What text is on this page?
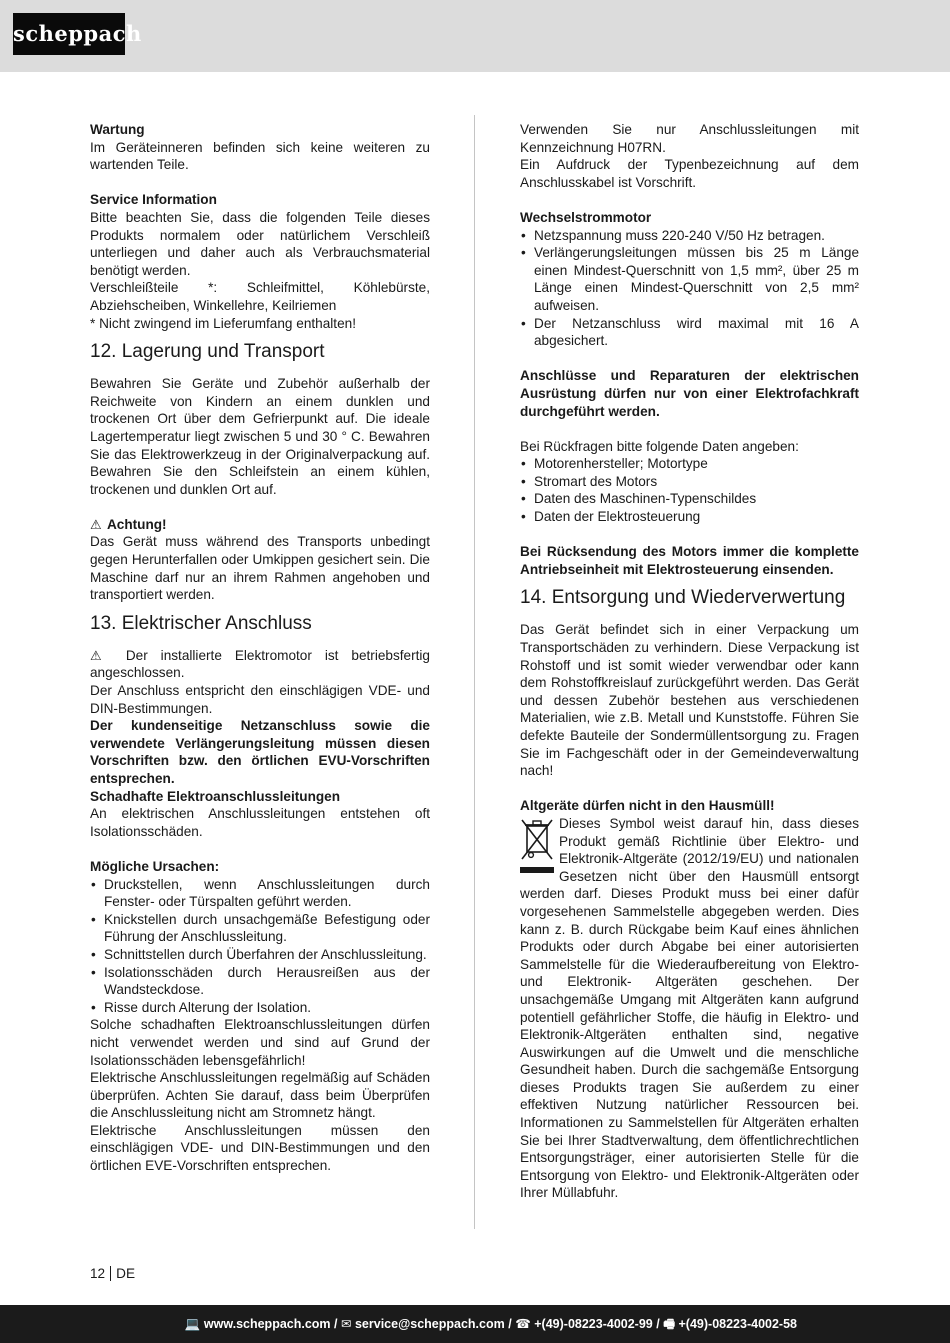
scheppach

Wartung

Im Geräteinneren befinden sich keine weiteren zu wartenden Teile.

Service Information

Bitte beachten Sie, dass die folgenden Teile dieses Produkts normalem oder natürlichem Verschleiß unterliegen und daher auch als Verbrauchsmaterial benötigt werden.

Verschleißteile *: Schleifmittel, Köhlebürste, Abziehscheiben, Winkellehre, Keilriemen

* Nicht zwingend im Lieferumfang enthalten!

12. Lagerung und Transport

Bewahren Sie Geräte und Zubehör außerhalb der Reichweite von Kindern an einem dunklen und trockenen Ort über dem Gefrierpunkt auf. Die ideale Lagertemperatur liegt zwischen 5 und 30 ° C. Bewahren Sie das Elektrowerkzeug in der Originalverpackung auf. Bewahren Sie den Schleifstein an einem kühlen, trockenen und dunklen Ort auf.

⚠ Achtung!

Das Gerät muss während des Transports unbedingt gegen Herunterfallen oder Umkippen gesichert sein. Die Maschine darf nur an ihrem Rahmen angehoben und transportiert werden.

13. Elektrischer Anschluss

⚠ Der installierte Elektromotor ist betriebsfertig angeschlossen.

Der Anschluss entspricht den einschlägigen VDE- und DIN-Bestimmungen.

Der kundenseitige Netzanschluss sowie die verwendete Verlängerungsleitung müssen diesen Vorschriften bzw. den örtlichen EVU-Vorschriften entsprechen.

Schadhafte Elektroanschlussleitungen

An elektrischen Anschlussleitungen entstehen oft Isolationsschäden.

Mögliche Ursachen:

• Druckstellen, wenn Anschlussleitungen durch Fenster- oder Türspalten geführt werden.
• Knickstellen durch unsachgemäße Befestigung oder Führung der Anschlussleitung.
• Schnittstellen durch Überfahren der Anschlussleitung.
• Isolationsschäden durch Herausreißen aus der Wandsteckdose.
• Risse durch Alterung der Isolation.

Solche schadhaften Elektroanschlussleitungen dürfen nicht verwendet werden und sind auf Grund der Isolationsschäden lebensgefährlich!

Elektrische Anschlussleitungen regelmäßig auf Schäden überprüfen. Achten Sie darauf, dass beim Überprüfen die Anschlussleitung nicht am Stromnetz hängt.

Elektrische Anschlussleitungen müssen den einschlägigen VDE- und DIN-Bestimmungen und den örtlichen EVE-Vorschriften entsprechen.

Verwenden Sie nur Anschlussleitungen mit Kennzeichnung H07RN.

Ein Aufdruck der Typenbezeichnung auf dem Anschlusskabel ist Vorschrift.

Wechselstrommotor

• Netzspannung muss 220-240 V/50 Hz betragen.
• Verlängerungsleitungen müssen bis 25 m Länge einen Mindest-Querschnitt von 1,5 mm², über 25 m Länge einen Mindest-Querschnitt von 2,5 mm² aufweisen.
• Der Netzanschluss wird maximal mit 16 A abgesichert.

Anschlüsse und Reparaturen der elektrischen Ausrüstung dürfen nur von einer Elektrofachkraft durchgeführt werden.

Bei Rückfragen bitte folgende Daten angeben:

• Motorenhersteller; Motortype
• Stromart des Motors
• Daten des Maschinen-Typenschildes
• Daten der Elektrosteuerung

Bei Rücksendung des Motors immer die komplette Antriebseinheit mit Elektrosteuerung einsenden.

14. Entsorgung und Wiederverwertung

Das Gerät befindet sich in einer Verpackung um Transportschäden zu verhindern. Diese Verpackung ist Rohstoff und ist somit wieder verwendbar oder kann dem Rohstoffkreislauf zurückgeführt werden. Das Gerät und dessen Zubehör bestehen aus verschiedenen Materialien, wie z.B. Metall und Kunststoffe. Führen Sie defekte Bauteile der Sondermüllentsorgung zu. Fragen Sie im Fachgeschäft oder in der Gemeindeverwaltung nach!

Altgeräte dürfen nicht in den Hausmüll!

Dieses Symbol weist darauf hin, dass dieses Produkt gemäß Richtlinie über Elektro- und Elektronik-Altgeräte (2012/19/EU) und nationalen Gesetzen nicht über den Hausmüll entsorgt werden darf. Dieses Produkt muss bei einer dafür vorgesehenen Sammelstelle abgegeben werden. Dies kann z. B. durch Rückgabe beim Kauf eines ähnlichen Produkts oder durch Abgabe bei einer autorisierten Sammelstelle für die Wiederaufbereitung von Elektro- und Elektronik- Altgeräten geschehen. Der unsachgemäße Umgang mit Altgeräten kann aufgrund potentiell gefährlicher Stoffe, die häufig in Elektro- und Elektronik-Altgeräten enthalten sind, negative Auswirkungen auf die Umwelt und die menschliche Gesundheit haben. Durch die sachgemäße Entsorgung dieses Produkts tragen Sie außerdem zu einer effektiven Nutzung natürlicher Ressourcen bei. Informationen zu Sammelstellen für Altgeräten erhalten Sie bei Ihrer Stadtverwaltung, dem öffentlichrechtlichen Entsorgungsträger, einer autorisierten Stelle für die Entsorgung von Elektro- und Elektronik-Altgeräten oder Ihrer Müllabfuhr.

12 DE
💻 www.scheppach.com / ✉ service@scheppach.com / ☎ +(49)-08223-4002-99 / 🖷 +(49)-08223-4002-58
